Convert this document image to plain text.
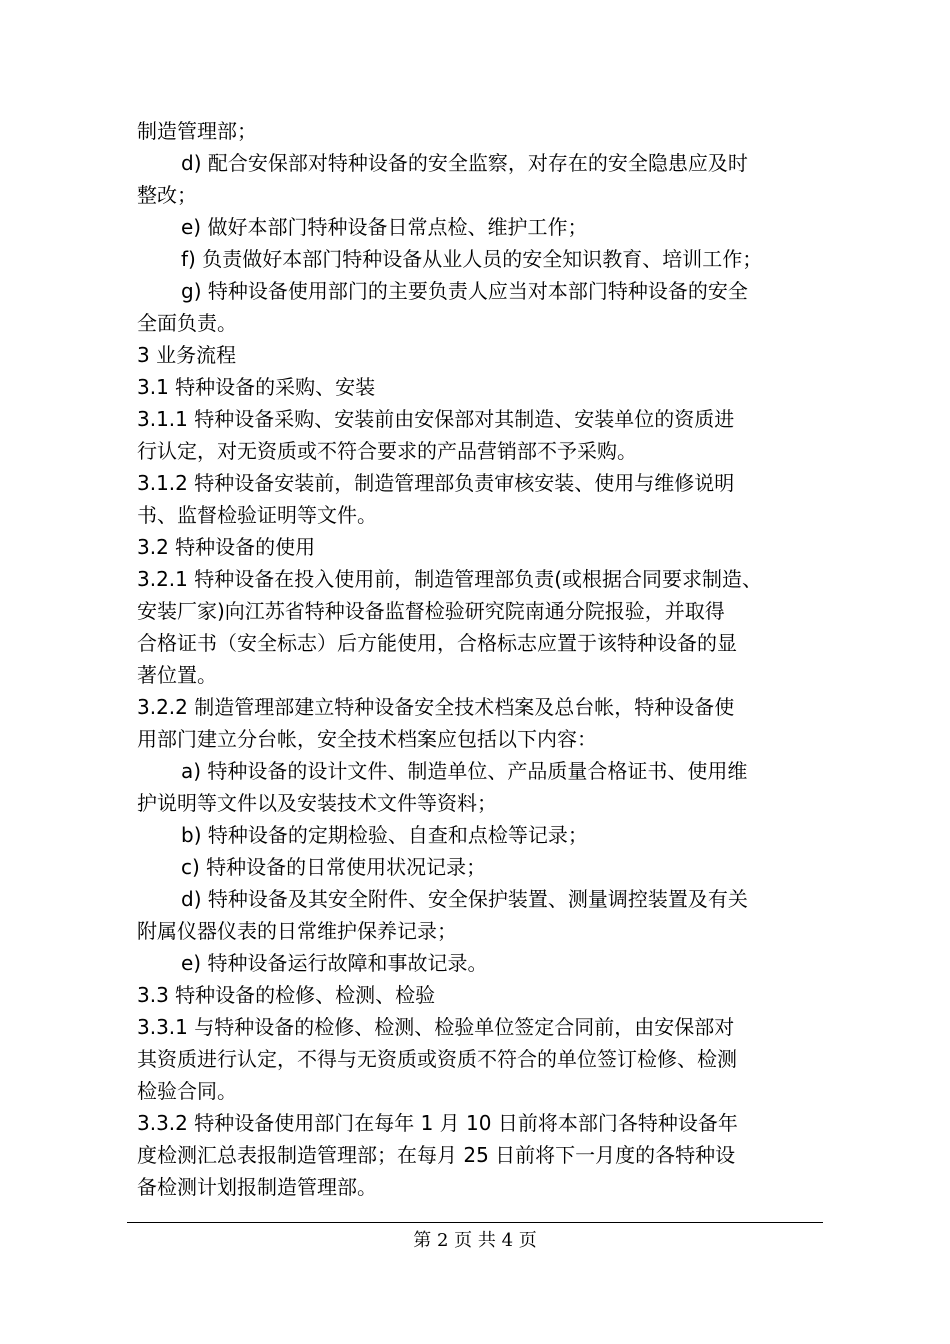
制造管理部；
d) 配合安保部对特种设备的安全监察，对存在的安全隐患应及时
整改；
e) 做好本部门特种设备日常点检、维护工作；
f) 负责做好本部门特种设备从业人员的安全知识教育、培训工作；
g) 特种设备使用部门的主要负责人应当对本部门特种设备的安全
全面负责。
3 业务流程
3.1 特种设备的采购、安装
3.1.1 特种设备采购、安装前由安保部对其制造、安装单位的资质进
行认定，对无资质或不符合要求的产品营销部不予采购。
3.1.2 特种设备安装前，制造管理部负责审核安装、使用与维修说明
书、监督检验证明等文件。
3.2 特种设备的使用
3.2.1 特种设备在投入使用前，制造管理部负责(或根据合同要求制造、
安装厂家)向江苏省特种设备监督检验研究院南通分院报验，并取得
合格证书（安全标志）后方能使用，合格标志应置于该特种设备的显
著位置。
3.2.2 制造管理部建立特种设备安全技术档案及总台帐，特种设备使
用部门建立分台帐，安全技术档案应包括以下内容：
a) 特种设备的设计文件、制造单位、产品质量合格证书、使用维
护说明等文件以及安装技术文件等资料；
b) 特种设备的定期检验、自查和点检等记录；
c) 特种设备的日常使用状况记录；
d) 特种设备及其安全附件、安全保护装置、测量调控装置及有关
附属仪器仪表的日常维护保养记录；
e) 特种设备运行故障和事故记录。
3.3 特种设备的检修、检测、检验
3.3.1 与特种设备的检修、检测、检验单位签定合同前，由安保部对
其资质进行认定，不得与无资质或资质不符合的单位签订检修、检测
检验合同。
3.3.2 特种设备使用部门在每年 1 月 10 日前将本部门各特种设备年
度检测汇总表报制造管理部；在每月 25 日前将下一月度的各特种设
备检测计划报制造管理部。
第 2 页 共 4 页
